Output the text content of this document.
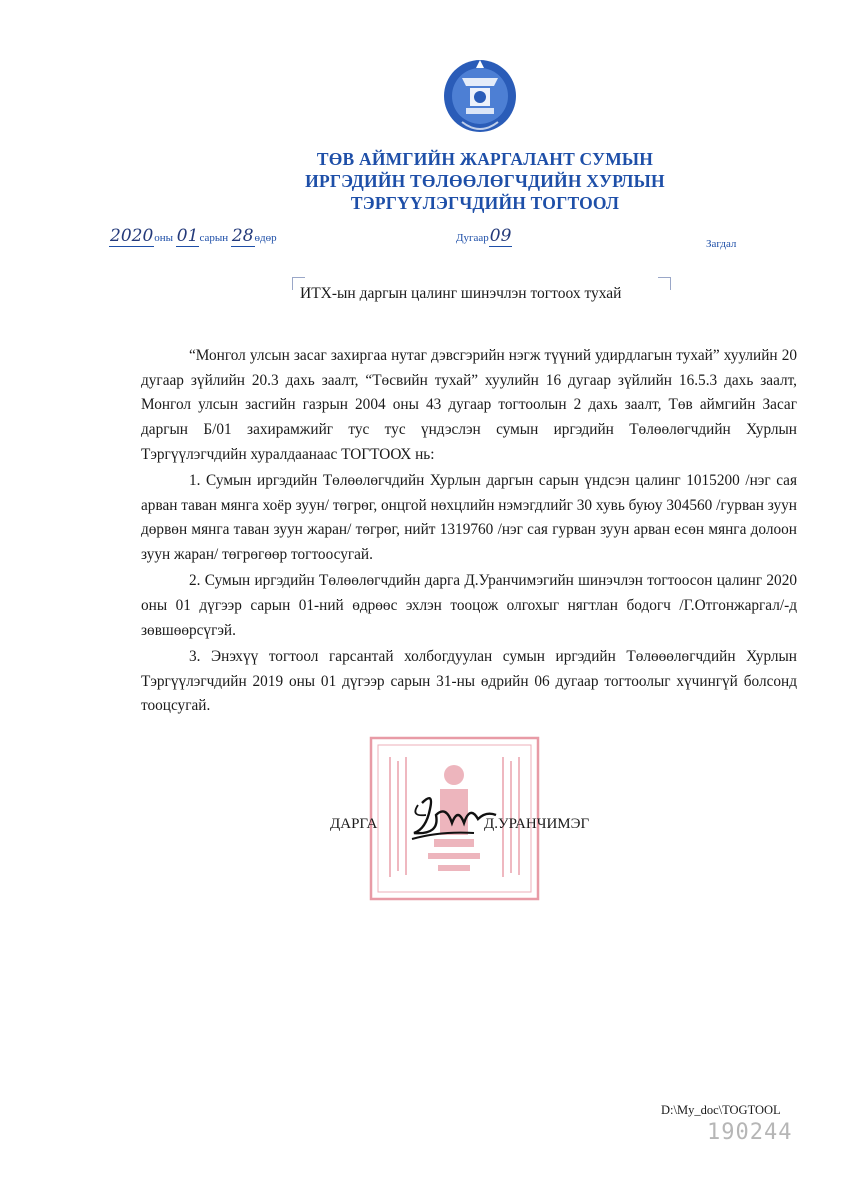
ТӨВ АЙМГИЙН ЖАРГАЛАНТ СУМЫН
ИРГЭДИЙН ТӨЛӨӨЛӨГЧДИЙН ХУРЛЫН
ТЭРГҮҮЛЭГЧДИЙН ТОГТООЛ
2020оны 01сарын 28өдөр	Дугаар09	Загдал
ИТХ-ын даргын цалинг шинэчлэн тогтоох тухай

“Монгол улсын засаг захиргаа нутаг дэвсгэрийн нэгж түүний удирдлагын тухай” хуулийн 20 дугаар зүйлийн 20.3 дахь заалт, “Төсвийн тухай” хуулийн 16 дугаар зүйлийн 16.5.3 дахь заалт, Монгол улсын засгийн газрын 2004 оны 43 дугаар тогтоолын 2 дахь заалт, Төв аймгийн Засаг даргын Б/01 захирамжийг тус тус үндэслэн сумын иргэдийн Төлөөлөгчдийн Хурлын Тэргүүлэгчдийн хуралдаанаас ТОГТООХ нь:

1. Сумын иргэдийн Төлөөлөгчдийн Хурлын даргын сарын үндсэн цалинг 1015200 /нэг сая арван таван мянга хоёр зуун/ төгрөг, онцгой нөхцлийн нэмэгдлийг 30 хувь буюу 304560 /гурван зуун дөрвөн мянга таван зуун жаран/ төгрөг, нийт 1319760 /нэг сая гурван зуун арван есөн мянга долоон зуун жаран/ төгрөгөөр тогтоосугай.

2. Сумын иргэдийн Төлөөлөгчдийн дарга Д.Уранчимэгийн шинэчлэн тогтоосон цалинг 2020 оны 01 дүгээр сарын 01-ний өдрөөс эхлэн тооцож олгохыг нягтлан бодогч /Г.Отгонжаргал/-д зөвшөөрсүгэй.

3. Энэхүү тогтоол гарсантай холбогдуулан сумын иргэдийн Төлөөөлөгчдийн Хурлын Тэргүүлэгчдийн 2019 оны 01 дүгээр сарын 31-ны өдрийн 06 дугаар тогтоолыг хүчингүй болсонд тооцсугай.

ДАРГА	Д.УРАНЧИМЭГ
D:\My_doc\TOGTOOL
190244
